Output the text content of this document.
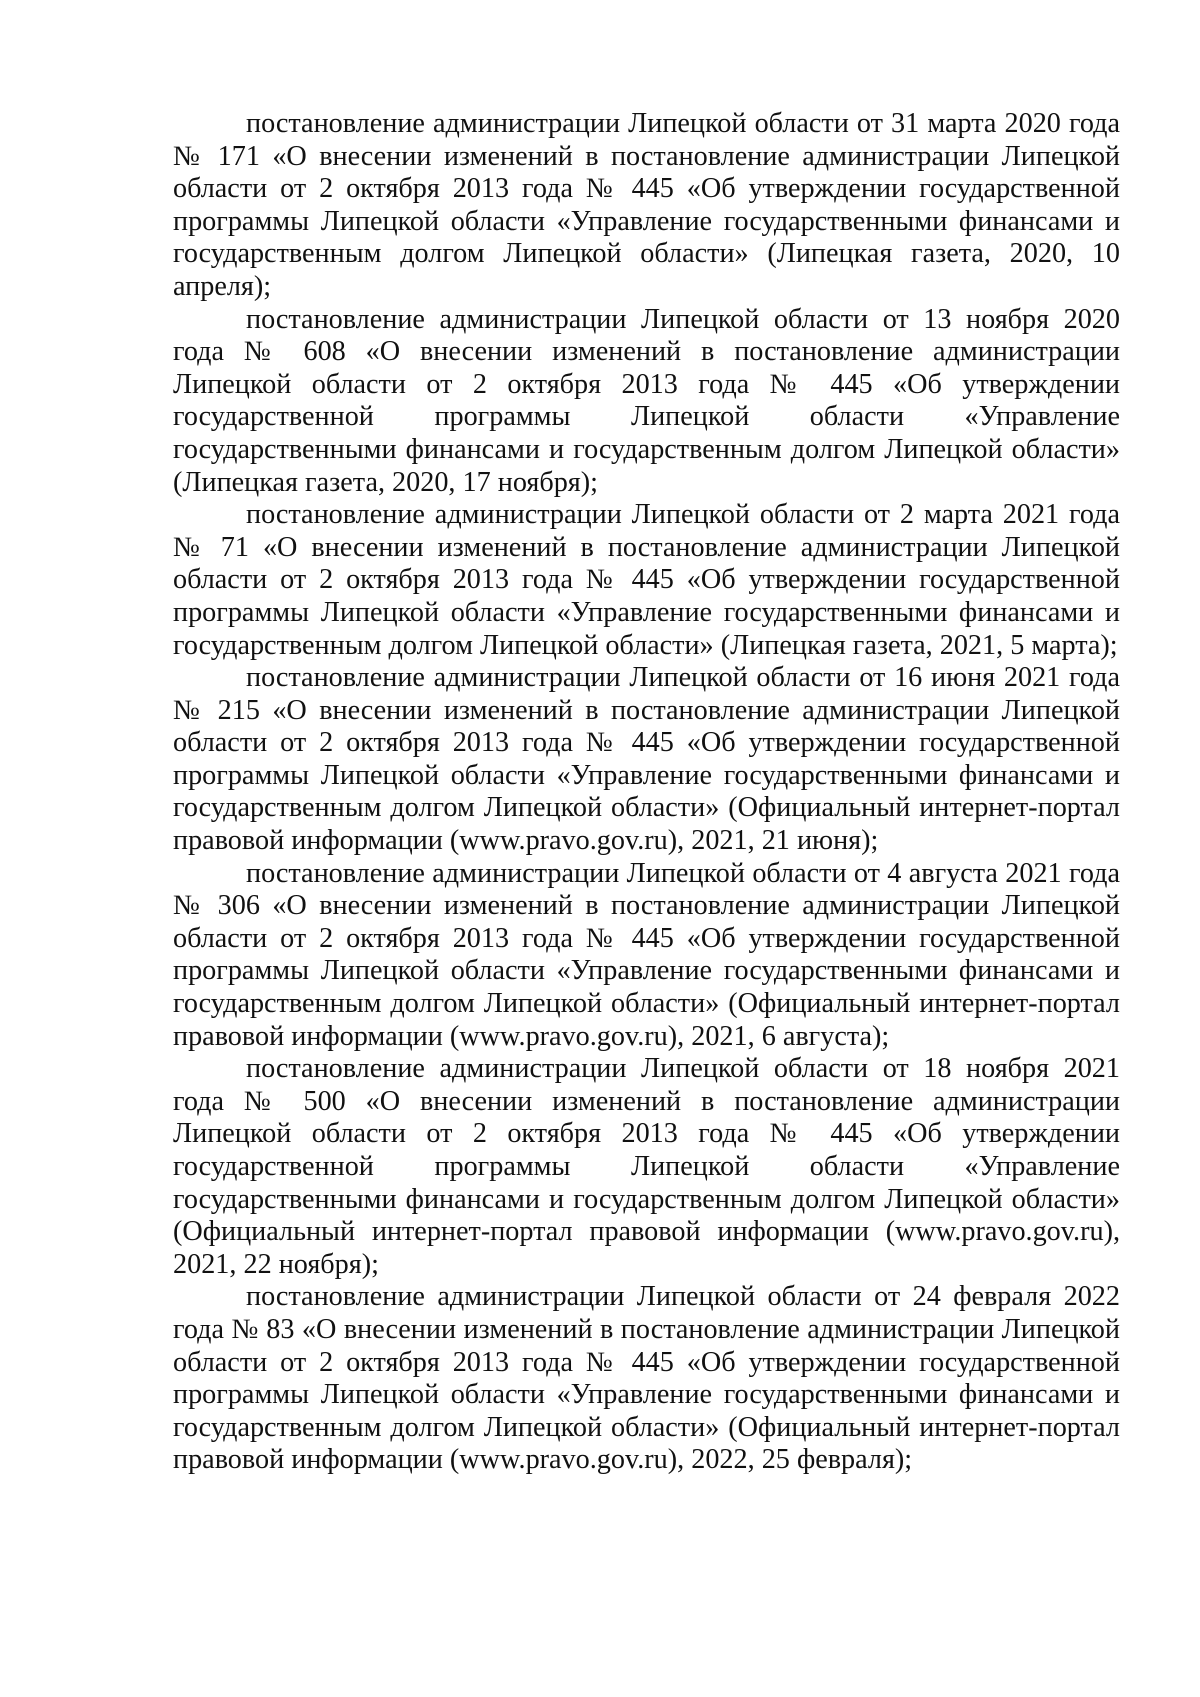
постановление администрации Липецкой области от 31 марта 2020 года № 171 «О внесении изменений в постановление администрации Липецкой области от 2 октября 2013 года № 445 «Об утверждении государственной программы Липецкой области «Управление государственными финансами и государственным долгом Липецкой области» (Липецкая газета, 2020, 10 апреля);

постановление администрации Липецкой области от 13 ноября 2020 года № 608 «О внесении изменений в постановление администрации Липецкой области от 2 октября 2013 года № 445 «Об утверждении государственной программы Липецкой области «Управление государственными финансами и государственным долгом Липецкой области» (Липецкая газета, 2020, 17 ноября);

постановление администрации Липецкой области от 2 марта 2021 года № 71 «О внесении изменений в постановление администрации Липецкой области от 2 октября 2013 года № 445 «Об утверждении государственной программы Липецкой области «Управление государственными финансами и государственным долгом Липецкой области» (Липецкая газета, 2021, 5 марта);

постановление администрации Липецкой области от 16 июня 2021 года № 215 «О внесении изменений в постановление администрации Липецкой области от 2 октября 2013 года № 445 «Об утверждении государственной программы Липецкой области «Управление государственными финансами и государственным долгом Липецкой области» (Официальный интернет-портал правовой информации (www.pravo.gov.ru), 2021, 21 июня);

постановление администрации Липецкой области от 4 августа 2021 года № 306 «О внесении изменений в постановление администрации Липецкой области от 2 октября 2013 года № 445 «Об утверждении государственной программы Липецкой области «Управление государственными финансами и государственным долгом Липецкой области» (Официальный интернет-портал правовой информации (www.pravo.gov.ru), 2021, 6 августа);

постановление администрации Липецкой области от 18 ноября 2021 года № 500 «О внесении изменений в постановление администрации Липецкой области от 2 октября 2013 года № 445 «Об утверждении государственной программы Липецкой области «Управление государственными финансами и государственным долгом Липецкой области» (Официальный интернет-портал правовой информации (www.pravo.gov.ru), 2021, 22 ноября);

постановление администрации Липецкой области от 24 февраля 2022 года № 83 «О внесении изменений в постановление администрации Липецкой области от 2 октября 2013 года № 445 «Об утверждении государственной программы Липецкой области «Управление государственными финансами и государственным долгом Липецкой области» (Официальный интернет-портал правовой информации (www.pravo.gov.ru), 2022, 25 февраля);
